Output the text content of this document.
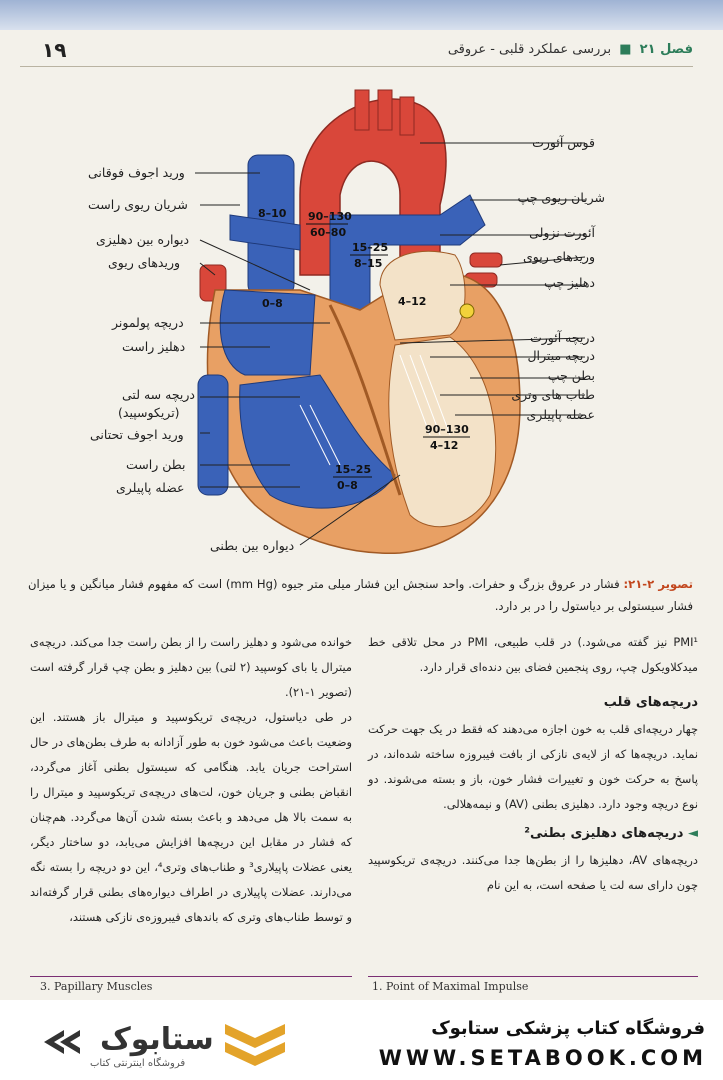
۱۹	فصل ۲۱ ■ بررسی عملکرد قلبی - عروقی
8–10 90–130
60–80
15–25
8–15
0–8	4–12
90–130
4–12
15–25
0–8
قوس آئورت
شریان ریوی چپ
آئورت نزولی
وریدهای ریوی
دهلیز چپ
دریچه آئورت
دریچه میترال
بطن چپ
طناب های وتری
عضله پاپیلری
ورید اجوف فوقانی
شریان ریوی راست
دیواره بین دهلیزی
وریدهای ریوی
دریچه پولمونر
دهلیز راست
دریچه سه لتی
(تریکوسپید)
ورید اجوف تحتانی
بطن راست
عضله پاپیلری
دیواره بین بطنی
تصویر ۲-۲۱: فشار در عروق بزرگ و حفرات. واحد سنجش این فشار میلی متر جیوه (mm Hg) است که مفهوم فشار میانگین و یا میزان فشار سیستولی بر دیاستول را در بر دارد.

PMI¹ نیز گفته می‌شود.) در قلب طبیعی، PMI در محل تلاقی خط میدکلاویکول چپ، روی پنجمین فضای بین دنده‌ای قرار دارد.

دریچه‌های قلب

چهار دریچه‌ای قلب به خون اجازه می‌دهند که فقط در یک جهت حرکت نماید. دریچه‌ها که از لایه‌ی نازکی از بافت فیبروزه ساخته شده‌اند، در پاسخ به حرکت خون و تغییرات فشار خون، باز و بسته می‌شوند. دو نوع دریچه وجود دارد. دهلیزی بطنی (AV) و نیمه‌هلالی.

◄ دریچه‌های دهلیزی بطنی²

دریچه‌های AV، دهلیزها را از بطن‌ها جدا می‌کنند. دریچه‌ی تریکوسپید چون دارای سه لت یا صفحه است، به این نام

خوانده می‌شود و دهلیز راست را از بطن راست جدا می‌کند. دریچه‌ی میترال یا بای کوسپید (۲ لتی) بین دهلیز و بطن چپ قرار گرفته است (تصویر ۱-۲۱).

در طی دیاستول، دریچه‌ی تریکوسپید و میترال باز هستند. این وضعیت باعث می‌شود خون به طور آزادانه به طرف بطن‌های در حال استراحت جریان یابد. هنگامی که سیستول بطنی آغاز می‌گردد، انقباض بطنی و جریان خون، لت‌های دریچه‌ی تریکوسپید و میترال را به سمت بالا هل می‌دهد و باعث بسته شدن آن‌ها می‌گردد. هم‌چنان که فشار در مقابل این دریچه‌ها افزایش می‌یابد، دو ساختار دیگر، یعنی عضلات پاپیلاری³ و طناب‌های وتری⁴، این دو دریچه را بسته نگه می‌دارند. عضلات پاپیلاری در اطراف دیواره‌های بطنی قرار گرفته‌اند و توسط طناب‌های وتری که باندهای فیبروزه‌ی نازکی هستند،

3. Papillary Muscles	1. Point of Maximal Impulse
ستابوک
فروشگاه اینترنتی کتاب
فروشگاه کتاب پزشکی ستابوک
WWW.SETABOOK.COM
